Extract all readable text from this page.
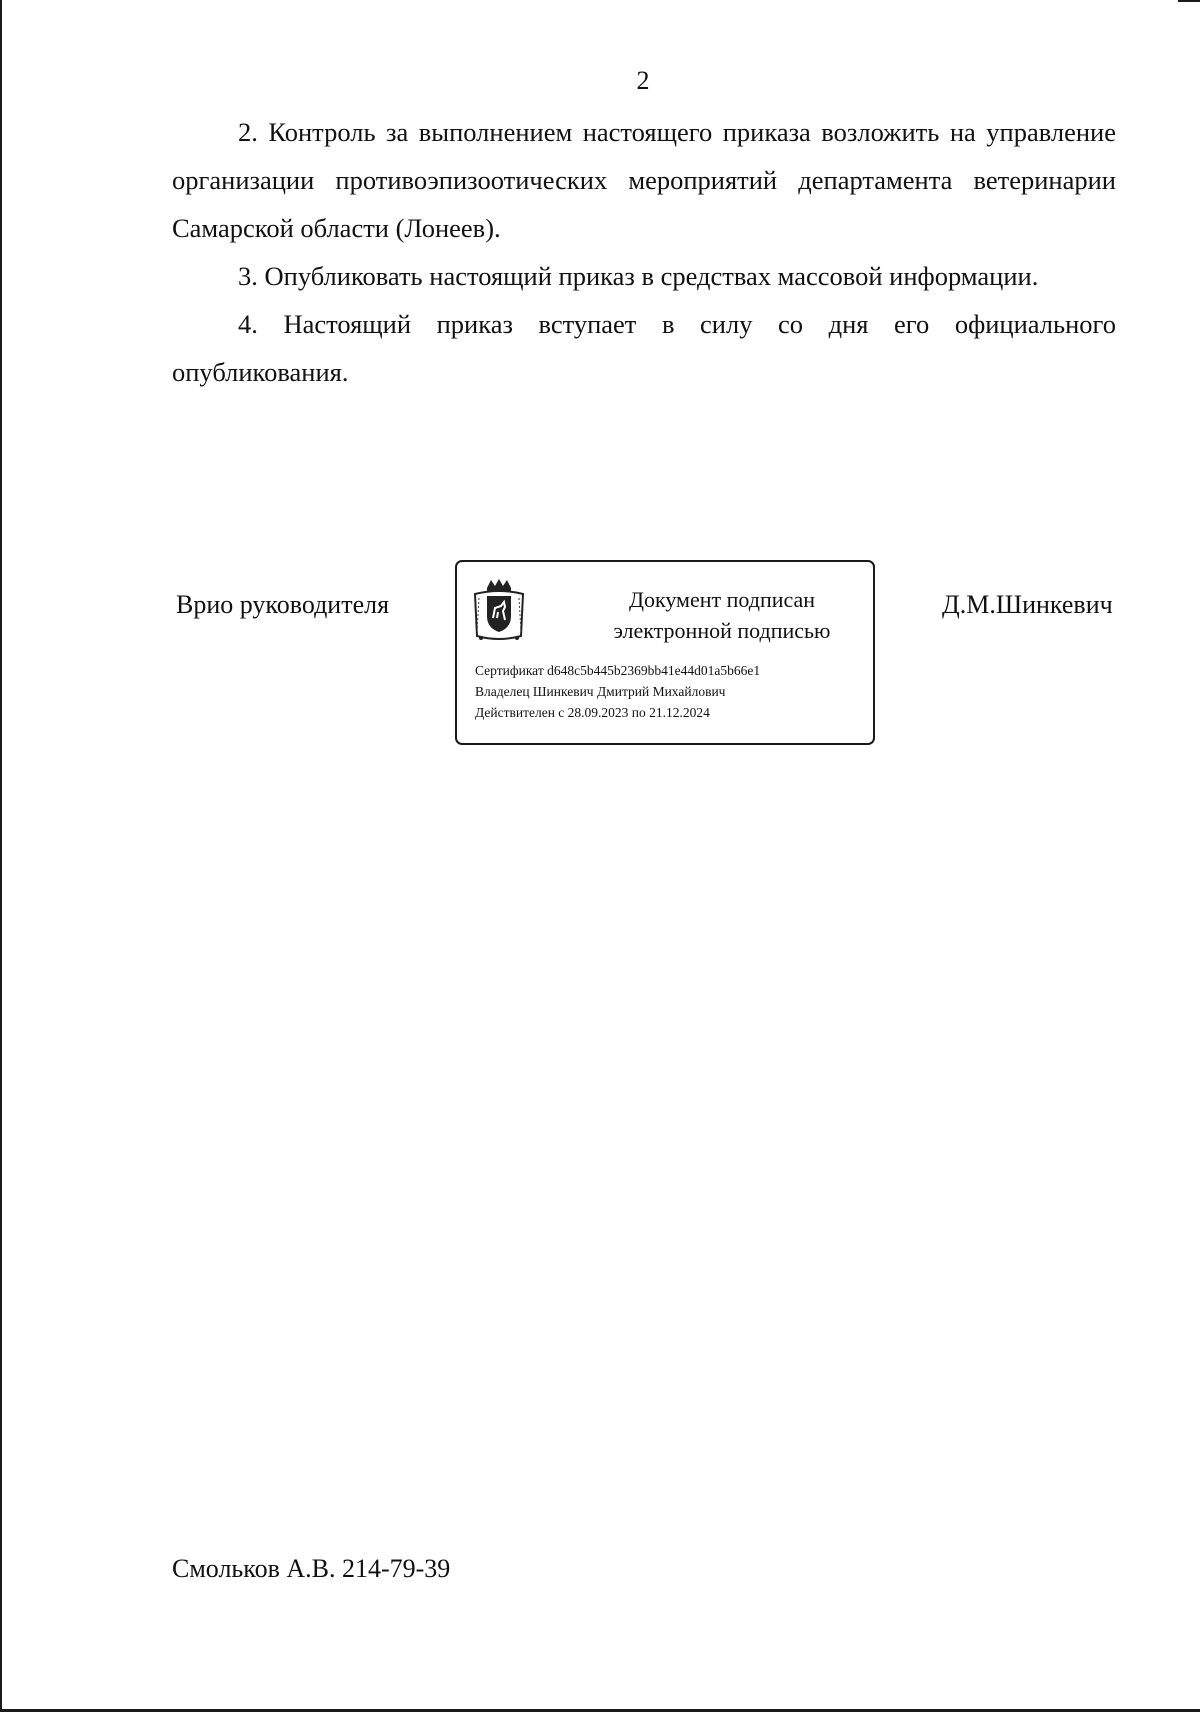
2

2. Контроль за выполнением настоящего приказа возложить на управление организации противоэпизоотических мероприятий департамента ветеринарии Самарской области (Лонеев).

3. Опубликовать настоящий приказ в средствах массовой информации.

4. Настоящий приказ вступает в силу со дня его официального опубликования.

Врио руководителя	Документ подписан
электронной подписью
Сертификат d648c5b445b2369bb41e44d01a5b66e1
Владелец Шинкевич Дмитрий Михайлович
Действителен с 28.09.2023 по 21.12.2024
Д.М.Шинкевич
Смольков А.В. 214-79-39
